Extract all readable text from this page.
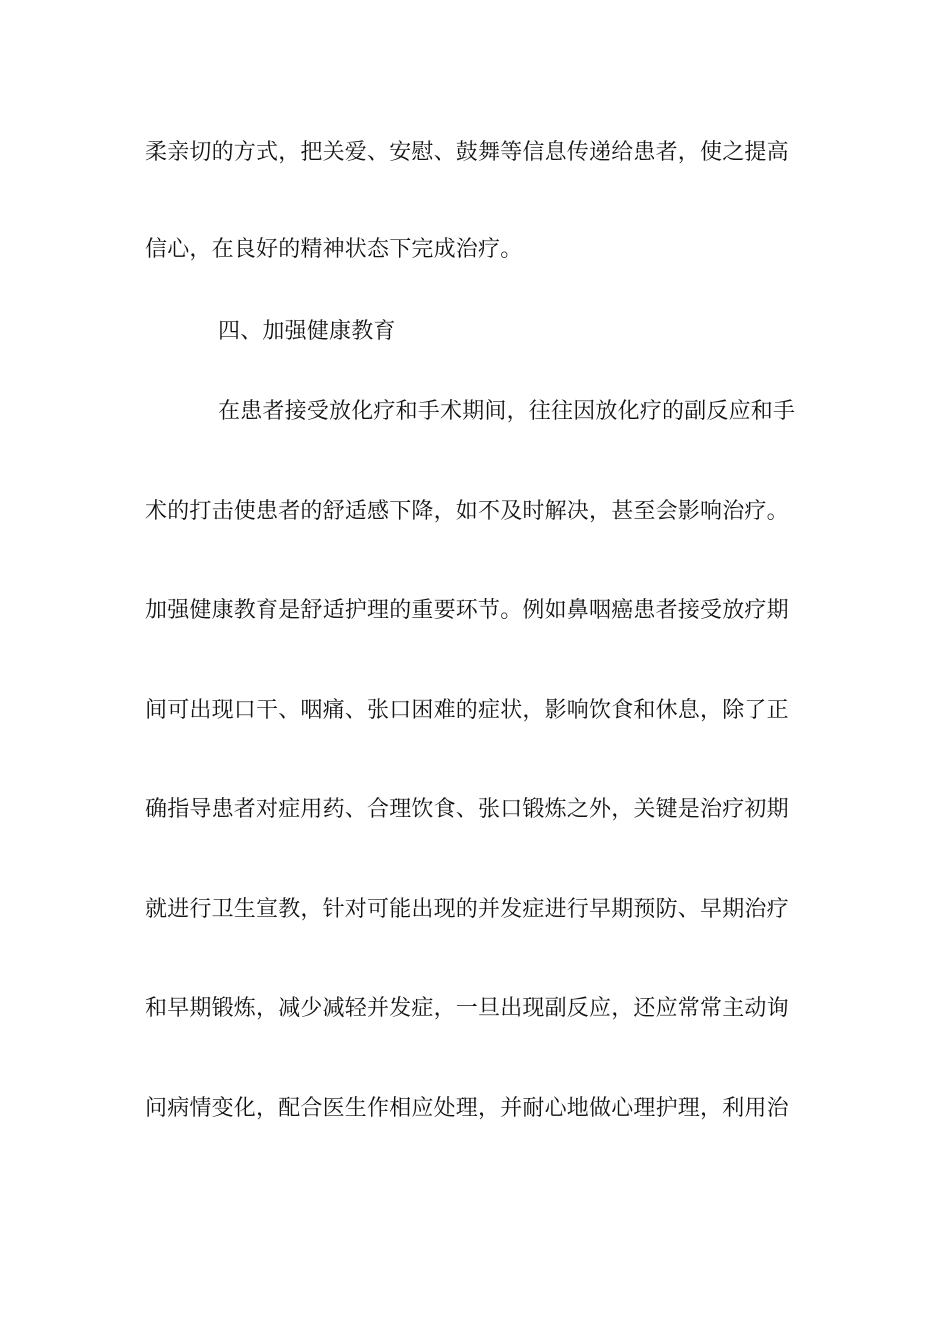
柔亲切的方式，把关爱、安慰、鼓舞等信息传递给患者，使之提高
信心，在良好的精神状态下完成治疗。
四、加强健康教育
在患者接受放化疗和手术期间，往往因放化疗的副反应和手
术的打击使患者的舒适感下降，如不及时解决，甚至会影响治疗。
加强健康教育是舒适护理的重要环节。例如鼻咽癌患者接受放疗期
间可出现口干、咽痛、张口困难的症状，影响饮食和休息，除了正
确指导患者对症用药、合理饮食、张口锻炼之外，关键是治疗初期
就进行卫生宣教，针对可能出现的并发症进行早期预防、早期治疗
和早期锻炼，减少减轻并发症，一旦出现副反应，还应常常主动询
问病情变化，配合医生作相应处理，并耐心地做心理护理，利用治
